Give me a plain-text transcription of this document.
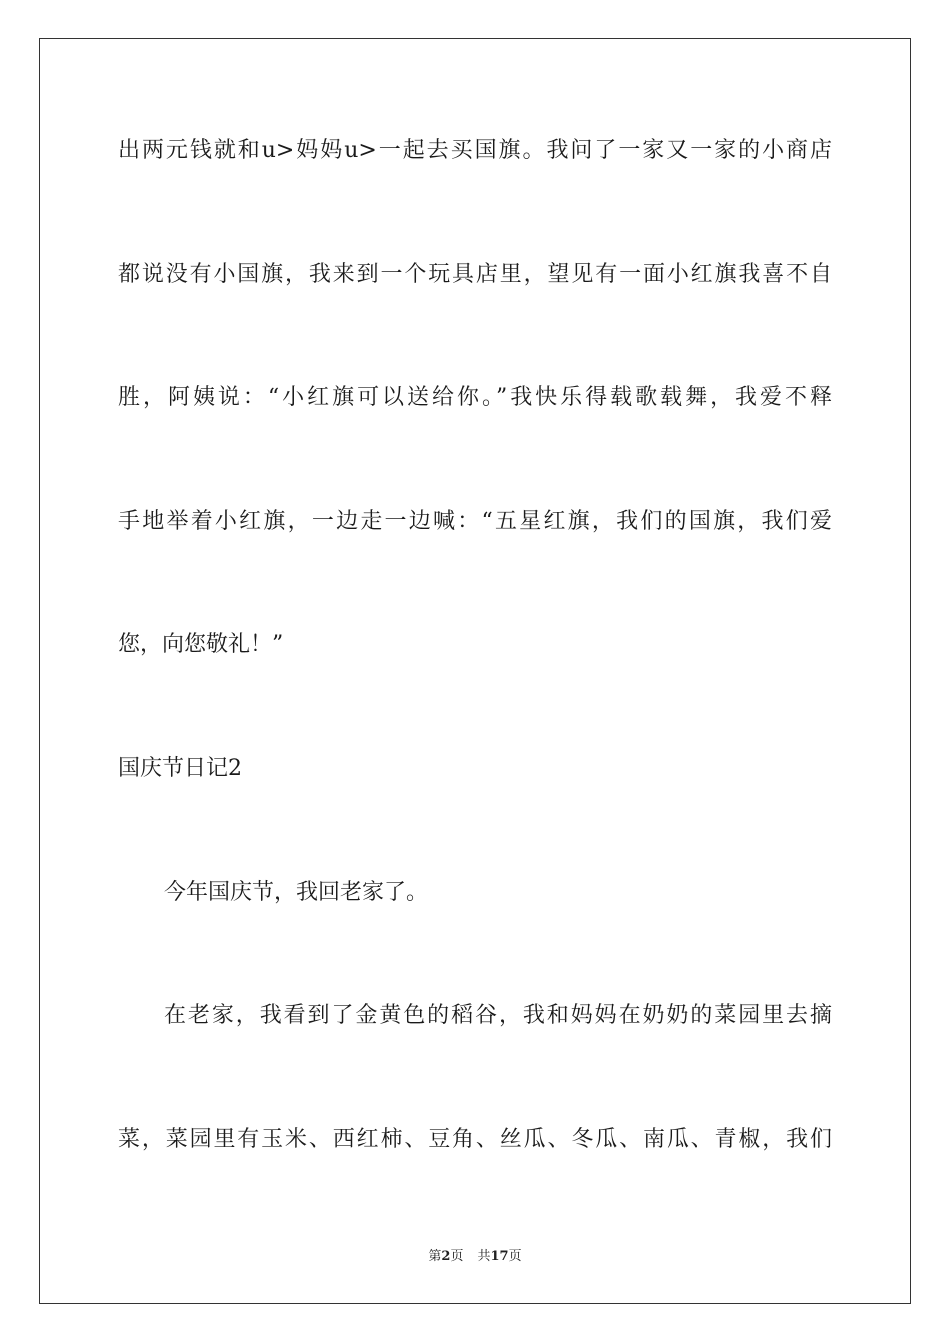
出两元钱就和u>妈妈u>一起去买国旗。我问了一家又一家的小商店
都说没有小国旗，我来到一个玩具店里，望见有一面小红旗我喜不自
胜，阿姨说：“小红旗可以送给你。”我快乐得载歌载舞，我爱不释
手地举着小红旗，一边走一边喊：“五星红旗，我们的国旗，我们爱
您，向您敬礼！”
国庆节日记2
今年国庆节，我回老家了。
在老家，我看到了金黄色的稻谷，我和妈妈在奶奶的菜园里去摘
菜，菜园里有玉米、西红柿、豆角、丝瓜、冬瓜、南瓜、青椒，我们
第2页 共17页
